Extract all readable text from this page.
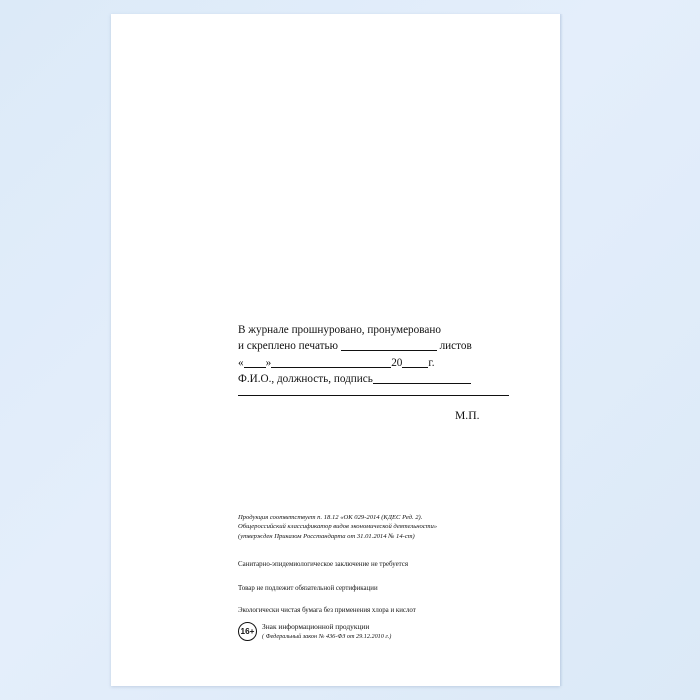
В журнале прошнуровано, пронумеровано
и скреплено печатью	листов
« »	20 г.
Ф.И.О., должность, подпись
М.П.
Продукция соответствует п. 18.12 «ОК 029-2014 (КДЕС Ред. 2).
Общероссийский классификатор видов экономической деятельности»
(утвержден Приказом Росстандарта от 31.01.2014 № 14-ст)
Санитарно-эпидемиологическое заключение не требуется
Товар не подлежит обязательной сертификации
Экологически чистая бумага без применения хлора и кислот
16+
Знак информационной продукции
( Федеральный закон № 436-ФЗ от 29.12.2010 г.)
